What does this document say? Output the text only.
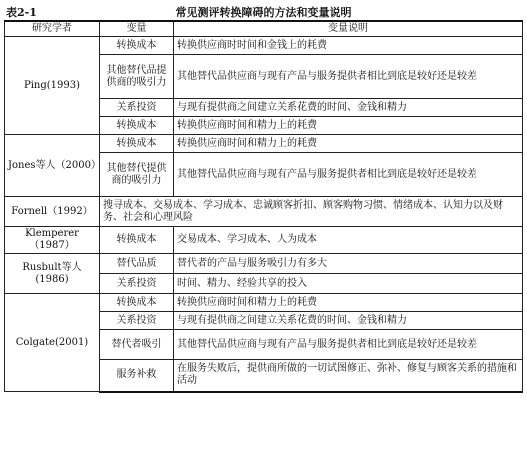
表2-1	常见测评转换障碍的方法和变量说明
研究学者	变量	变量说明
Ping(1993)	转换成本	转换供应商时时间和金钱上的耗费
	其他替代品提供商的吸引力	其他替代品供应商与现有产品与服务提供者相比到底是较好还是较差
	关系投资	与现有提供商之间建立关系花费的时间、金钱和精力
	转换成本	转换供应商时间和精力上的耗费
Jones等人（2000）	转换成本	转换供应商时间和精力上的耗费
	其他替代提供商的吸引力	其他替代品供应商与现有产品与服务提供者相比到底是较好还是较差
Fornell（1992）	搜寻成本、交易成本、学习成本、忠诚顾客折扣、顾客购物习惯、情绪成本、认知力以及财务、社会和心理风险	
Klemperer（1987）	转换成本	交易成本、学习成本、人为成本
Rusbult等人(1986)	替代品质	替代者的产品与服务吸引力有多大
	关系投资	时间、精力、经验共享的投入
Colgate(2001)	转换成本	转换供应商时间和精力上的耗费
	关系投资	与现有提供商之间建立关系花费的时间、金钱和精力
	替代者吸引	其他替代品供应商与现有产品与服务提供者相比到底是较好还是较差
	服务补救	在服务失败后，提供商所做的一切试图修正、弥补、修复与顾客关系的措施和活动
